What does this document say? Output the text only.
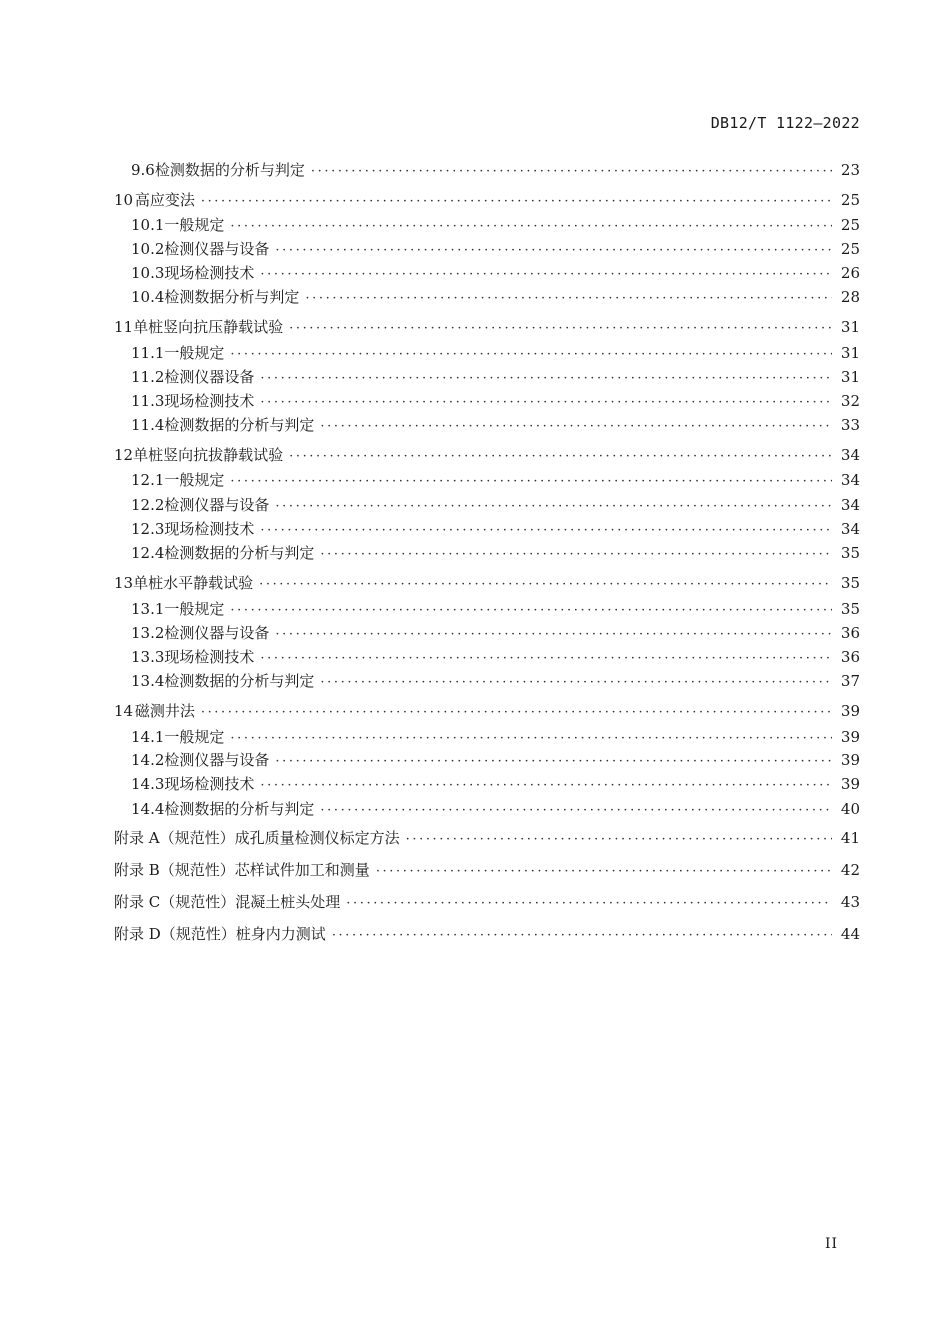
DB12/T 1122—2022
9.6 检测数据的分析与判定 ·····	23
10 高应变法 ·····	25
10.1 一般规定 ·····	25
10.2 检测仪器与设备 ·····	25
10.3 现场检测技术 ·····	26
10.4 检测数据分析与判定 ·····	28
11 单桩竖向抗压静载试验 ·····	31
11.1 一般规定 ·····	31
11.2 检测仪器设备 ·····	31
11.3 现场检测技术 ·····	32
11.4 检测数据的分析与判定 ·····	33
12 单桩竖向抗拔静载试验 ·····	34
12.1 一般规定 ·····	34
12.2 检测仪器与设备 ·····	34
12.3 现场检测技术 ·····	34
12.4 检测数据的分析与判定 ·····	35
13 单桩水平静载试验 ·····	35
13.1 一般规定 ·····	35
13.2 检测仪器与设备 ·····	36
13.3 现场检测技术 ·····	36
13.4 检测数据的分析与判定 ·····	37
14 磁测井法 ·····	39
14.1 一般规定 ·····	39
14.2 检测仪器与设备 ·····	39
14.3 现场检测技术 ·····	39
14.4 检测数据的分析与判定 ·····	40
附录 A（规范性） 成孔质量检测仪标定方法 ·····	41
附录 B（规范性） 芯样试件加工和测量 ·····	42
附录 C（规范性） 混凝土桩头处理 ·····	43
附录 D（规范性） 桩身内力测试 ·····	44
II
